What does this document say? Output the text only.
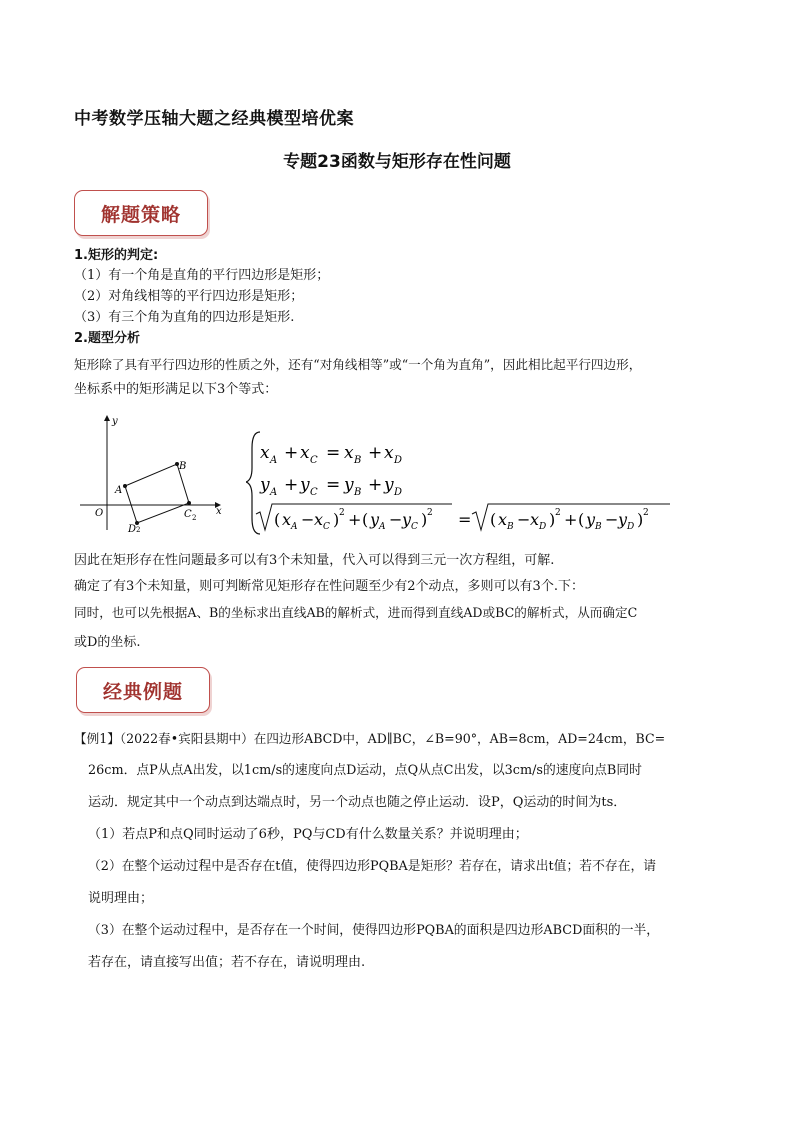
中考数学压轴大题之经典模型培优案
专题23函数与矩形存在性问题
解题策略
1.矩形的判定:
（1）有一个角是直角的平行四边形是矩形；
（2）对角线相等的平行四边形是矩形；
（3）有三个角为直角的四边形是矩形.
2.题型分析
矩形除了具有平行四边形的性质之外，还有“对角线相等”或“一个角为直角”，因此相比起平行四边形，
坐标系中的矩形满足以下3个等式：
y
x
O
A
B
C 2
D 2
x A + x C = x B + x D
y A + y C = y B + y D
( x A − x C ) 2 + ( y A − y C ) 2 = ( x B − x D ) 2 + ( y B − y D ) 2
因此在矩形存在性问题最多可以有3个未知量，代入可以得到三元一次方程组，可解.
确定了有3个未知量，则可判断常见矩形存在性问题至少有2个动点，多则可以有3个.下：
同时，也可以先根据A、B的坐标求出直线AB的解析式，进而得到直线AD或BC的解析式，从而确定C
或D的坐标.
经典例题
【例1】（2022春•宾阳县期中）在四边形ABCD中，AD∥BC，∠B=90°，AB=8cm，AD=24cm，BC=
26cm．点P从点A出发，以1cm/s的速度向点D运动，点Q从点C出发，以3cm/s的速度向点B同时
运动．规定其中一个动点到达端点时，另一个动点也随之停止运动．设P，Q运动的时间为ts．
（1）若点P和点Q同时运动了6秒，PQ与CD有什么数量关系？并说明理由；
（2）在整个运动过程中是否存在t值，使得四边形PQBA是矩形？若存在，请求出t值；若不存在，请
说明理由；
（3）在整个运动过程中，是否存在一个时间，使得四边形PQBA的面积是四边形ABCD面积的一半，
若存在，请直接写出值；若不存在，请说明理由.
